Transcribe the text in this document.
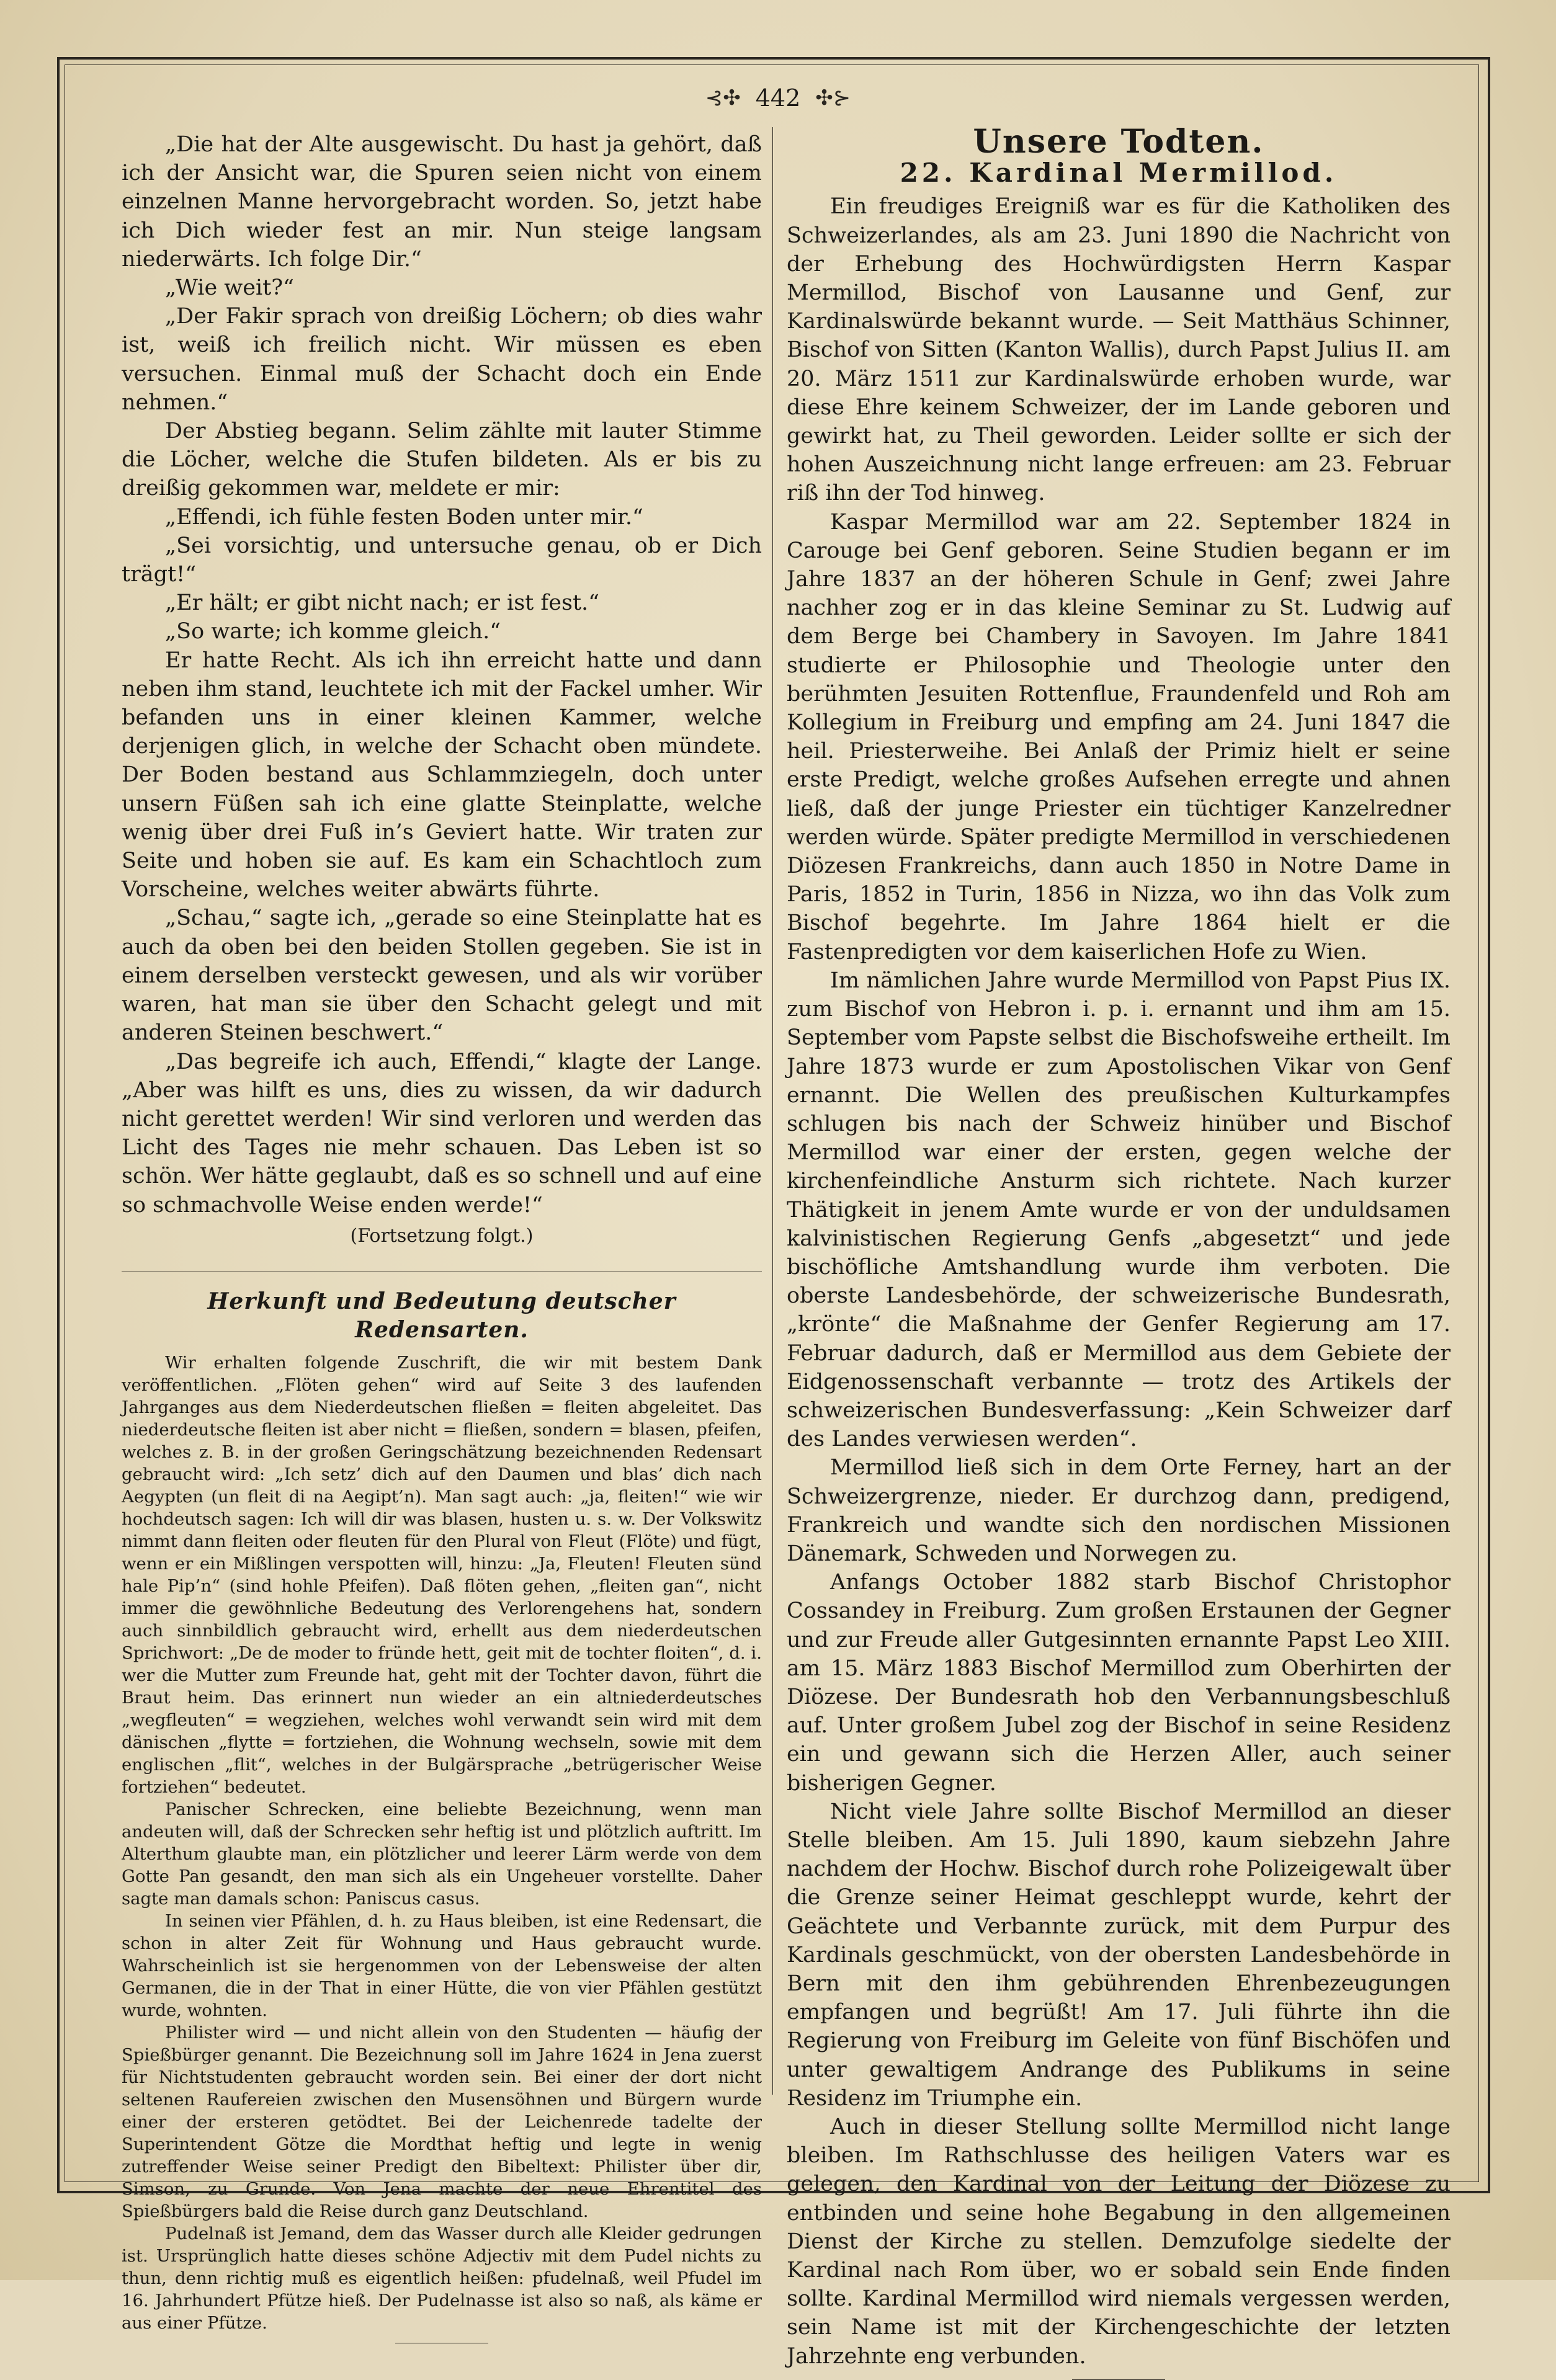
⊰✣ 442 ✣⊱

„Die hat der Alte ausgewischt. Du hast ja gehört, daß ich der Ansicht war, die Spuren seien nicht von einem einzelnen Manne hervorgebracht worden. So, jetzt habe ich Dich wieder fest an mir. Nun steige langsam niederwärts. Ich folge Dir.“

„Wie weit?“

„Der Fakir sprach von dreißig Löchern; ob dies wahr ist, weiß ich freilich nicht. Wir müssen es eben versuchen. Einmal muß der Schacht doch ein Ende nehmen.“

Der Abstieg begann. Selim zählte mit lauter Stimme die Löcher, welche die Stufen bildeten. Als er bis zu dreißig gekommen war, meldete er mir:

„Effendi, ich fühle festen Boden unter mir.“

„Sei vorsichtig, und untersuche genau, ob er Dich trägt!“

„Er hält; er gibt nicht nach; er ist fest.“

„So warte; ich komme gleich.“

Er hatte Recht. Als ich ihn erreicht hatte und dann neben ihm stand, leuchtete ich mit der Fackel umher. Wir befanden uns in einer kleinen Kammer, welche derjenigen glich, in welche der Schacht oben mündete. Der Boden bestand aus Schlammziegeln, doch unter unsern Füßen sah ich eine glatte Steinplatte, welche wenig über drei Fuß in’s Geviert hatte. Wir traten zur Seite und hoben sie auf. Es kam ein Schachtloch zum Vorscheine, welches weiter abwärts führte.

„Schau,“ sagte ich, „gerade so eine Steinplatte hat es auch da oben bei den beiden Stollen gegeben. Sie ist in einem derselben versteckt gewesen, und als wir vorüber waren, hat man sie über den Schacht gelegt und mit anderen Steinen beschwert.“

„Das begreife ich auch, Effendi,“ klagte der Lange. „Aber was hilft es uns, dies zu wissen, da wir dadurch nicht gerettet werden! Wir sind verloren und werden das Licht des Tages nie mehr schauen. Das Leben ist so schön. Wer hätte geglaubt, daß es so schnell und auf eine so schmachvolle Weise enden werde!“

(Fortsetzung folgt.)

Herkunft und Bedeutung deutscher Redensarten.

Wir erhalten folgende Zuschrift, die wir mit bestem Dank veröffentlichen. „Flöten gehen“ wird auf Seite 3 des laufenden Jahrganges aus dem Niederdeutschen fließen = fleiten abgeleitet. Das niederdeutsche fleiten ist aber nicht = fließen, sondern = blasen, pfeifen, welches z. B. in der großen Geringschätzung bezeichnenden Redensart gebraucht wird: „Ich setz’ dich auf den Daumen und blas’ dich nach Aegypten (un fleit di na Aegipt’n). Man sagt auch: „ja, fleiten!“ wie wir hochdeutsch sagen: Ich will dir was blasen, husten u. s. w. Der Volkswitz nimmt dann fleiten oder fleuten für den Plural von Fleut (Flöte) und fügt, wenn er ein Mißlingen verspotten will, hinzu: „Ja, Fleuten! Fleuten sünd hale Pip’n“ (sind hohle Pfeifen). Daß flöten gehen, „fleiten gan“, nicht immer die gewöhnliche Bedeutung des Verlorengehens hat, sondern auch sinnbildlich gebraucht wird, erhellt aus dem niederdeutschen Sprichwort: „De de moder to fründe hett, geit mit de tochter floiten“, d. i. wer die Mutter zum Freunde hat, geht mit der Tochter davon, führt die Braut heim. Das erinnert nun wieder an ein altniederdeutsches „wegfleuten“ = wegziehen, welches wohl verwandt sein wird mit dem dänischen „flytte = fortziehen, die Wohnung wechseln, sowie mit dem englischen „flit“, welches in der Bulgärsprache „betrügerischer Weise fortziehen“ bedeutet.

Panischer Schrecken, eine beliebte Bezeichnung, wenn man andeuten will, daß der Schrecken sehr heftig ist und plötzlich auftritt. Im Alterthum glaubte man, ein plötzlicher und leerer Lärm werde von dem Gotte Pan gesandt, den man sich als ein Ungeheuer vorstellte. Daher sagte man damals schon: Paniscus casus.

In seinen vier Pfählen, d. h. zu Haus bleiben, ist eine Redensart, die schon in alter Zeit für Wohnung und Haus gebraucht wurde. Wahrscheinlich ist sie hergenommen von der Lebensweise der alten Germanen, die in der That in einer Hütte, die von vier Pfählen gestützt wurde, wohnten.

Philister wird — und nicht allein von den Studenten — häufig der Spießbürger genannt. Die Bezeichnung soll im Jahre 1624 in Jena zuerst für Nichtstudenten gebraucht worden sein. Bei einer der dort nicht seltenen Raufereien zwischen den Musensöhnen und Bürgern wurde einer der ersteren getödtet. Bei der Leichenrede tadelte der Superintendent Götze die Mordthat heftig und legte in wenig zutreffender Weise seiner Predigt den Bibeltext: Philister über dir, Simson, zu Grunde. Von Jena machte der neue Ehrentitel des Spießbürgers bald die Reise durch ganz Deutschland.

Pudelnaß ist Jemand, dem das Wasser durch alle Kleider gedrungen ist. Ursprünglich hatte dieses schöne Adjectiv mit dem Pudel nichts zu thun, denn richtig muß es eigentlich heißen: pfudelnaß, weil Pfudel im 16. Jahrhundert Pfütze hieß. Der Pudelnasse ist also so naß, als käme er aus einer Pfütze.

Unsere Todten.
22. Kardinal Mermillod.

Ein freudiges Ereigniß war es für die Katholiken des Schweizerlandes, als am 23. Juni 1890 die Nachricht von der Erhebung des Hochwürdigsten Herrn Kaspar Mermillod, Bischof von Lausanne und Genf, zur Kardinalswürde bekannt wurde. — Seit Matthäus Schinner, Bischof von Sitten (Kanton Wallis), durch Papst Julius II. am 20. März 1511 zur Kardinalswürde erhoben wurde, war diese Ehre keinem Schweizer, der im Lande geboren und gewirkt hat, zu Theil geworden. Leider sollte er sich der hohen Auszeichnung nicht lange erfreuen: am 23. Februar riß ihn der Tod hinweg.

Kaspar Mermillod war am 22. September 1824 in Carouge bei Genf geboren. Seine Studien begann er im Jahre 1837 an der höheren Schule in Genf; zwei Jahre nachher zog er in das kleine Seminar zu St. Ludwig auf dem Berge bei Chambery in Savoyen. Im Jahre 1841 studierte er Philosophie und Theologie unter den berühmten Jesuiten Rottenflue, Fraundenfeld und Roh am Kollegium in Freiburg und empfing am 24. Juni 1847 die heil. Priesterweihe. Bei Anlaß der Primiz hielt er seine erste Predigt, welche großes Aufsehen erregte und ahnen ließ, daß der junge Priester ein tüchtiger Kanzelredner werden würde. Später predigte Mermillod in verschiedenen Diözesen Frankreichs, dann auch 1850 in Notre Dame in Paris, 1852 in Turin, 1856 in Nizza, wo ihn das Volk zum Bischof begehrte. Im Jahre 1864 hielt er die Fastenpredigten vor dem kaiserlichen Hofe zu Wien.

Im nämlichen Jahre wurde Mermillod von Papst Pius IX. zum Bischof von Hebron i. p. i. ernannt und ihm am 15. September vom Papste selbst die Bischofsweihe ertheilt. Im Jahre 1873 wurde er zum Apostolischen Vikar von Genf ernannt. Die Wellen des preußischen Kulturkampfes schlugen bis nach der Schweiz hinüber und Bischof Mermillod war einer der ersten, gegen welche der kirchenfeindliche Ansturm sich richtete. Nach kurzer Thätigkeit in jenem Amte wurde er von der unduldsamen kalvinistischen Regierung Genfs „abgesetzt“ und jede bischöfliche Amtshandlung wurde ihm verboten. Die oberste Landesbehörde, der schweizerische Bundesrath, „krönte“ die Maßnahme der Genfer Regierung am 17. Februar dadurch, daß er Mermillod aus dem Gebiete der Eidgenossenschaft verbannte — trotz des Artikels der schweizerischen Bundesverfassung: „Kein Schweizer darf des Landes verwiesen werden“.

Mermillod ließ sich in dem Orte Ferney, hart an der Schweizergrenze, nieder. Er durchzog dann, predigend, Frankreich und wandte sich den nordischen Missionen Dänemark, Schweden und Norwegen zu.

Anfangs October 1882 starb Bischof Christophor Cossandey in Freiburg. Zum großen Erstaunen der Gegner und zur Freude aller Gutgesinnten ernannte Papst Leo XIII. am 15. März 1883 Bischof Mermillod zum Oberhirten der Diözese. Der Bundesrath hob den Verbannungsbeschluß auf. Unter großem Jubel zog der Bischof in seine Residenz ein und gewann sich die Herzen Aller, auch seiner bisherigen Gegner.

Nicht viele Jahre sollte Bischof Mermillod an dieser Stelle bleiben. Am 15. Juli 1890, kaum siebzehn Jahre nachdem der Hochw. Bischof durch rohe Polizeigewalt über die Grenze seiner Heimat geschleppt wurde, kehrt der Geächtete und Verbannte zurück, mit dem Purpur des Kardinals geschmückt, von der obersten Landesbehörde in Bern mit den ihm gebührenden Ehrenbezeugungen empfangen und begrüßt! Am 17. Juli führte ihn die Regierung von Freiburg im Geleite von fünf Bischöfen und unter gewaltigem Andrange des Publikums in seine Residenz im Triumphe ein.

Auch in dieser Stellung sollte Mermillod nicht lange bleiben. Im Rathschlusse des heiligen Vaters war es gelegen, den Kardinal von der Leitung der Diözese zu entbinden und seine hohe Begabung in den allgemeinen Dienst der Kirche zu stellen. Demzufolge siedelte der Kardinal nach Rom über, wo er sobald sein Ende finden sollte. Kardinal Mermillod wird niemals vergessen werden, sein Name ist mit der Kirchengeschichte der letzten Jahrzehnte eng verbunden.
